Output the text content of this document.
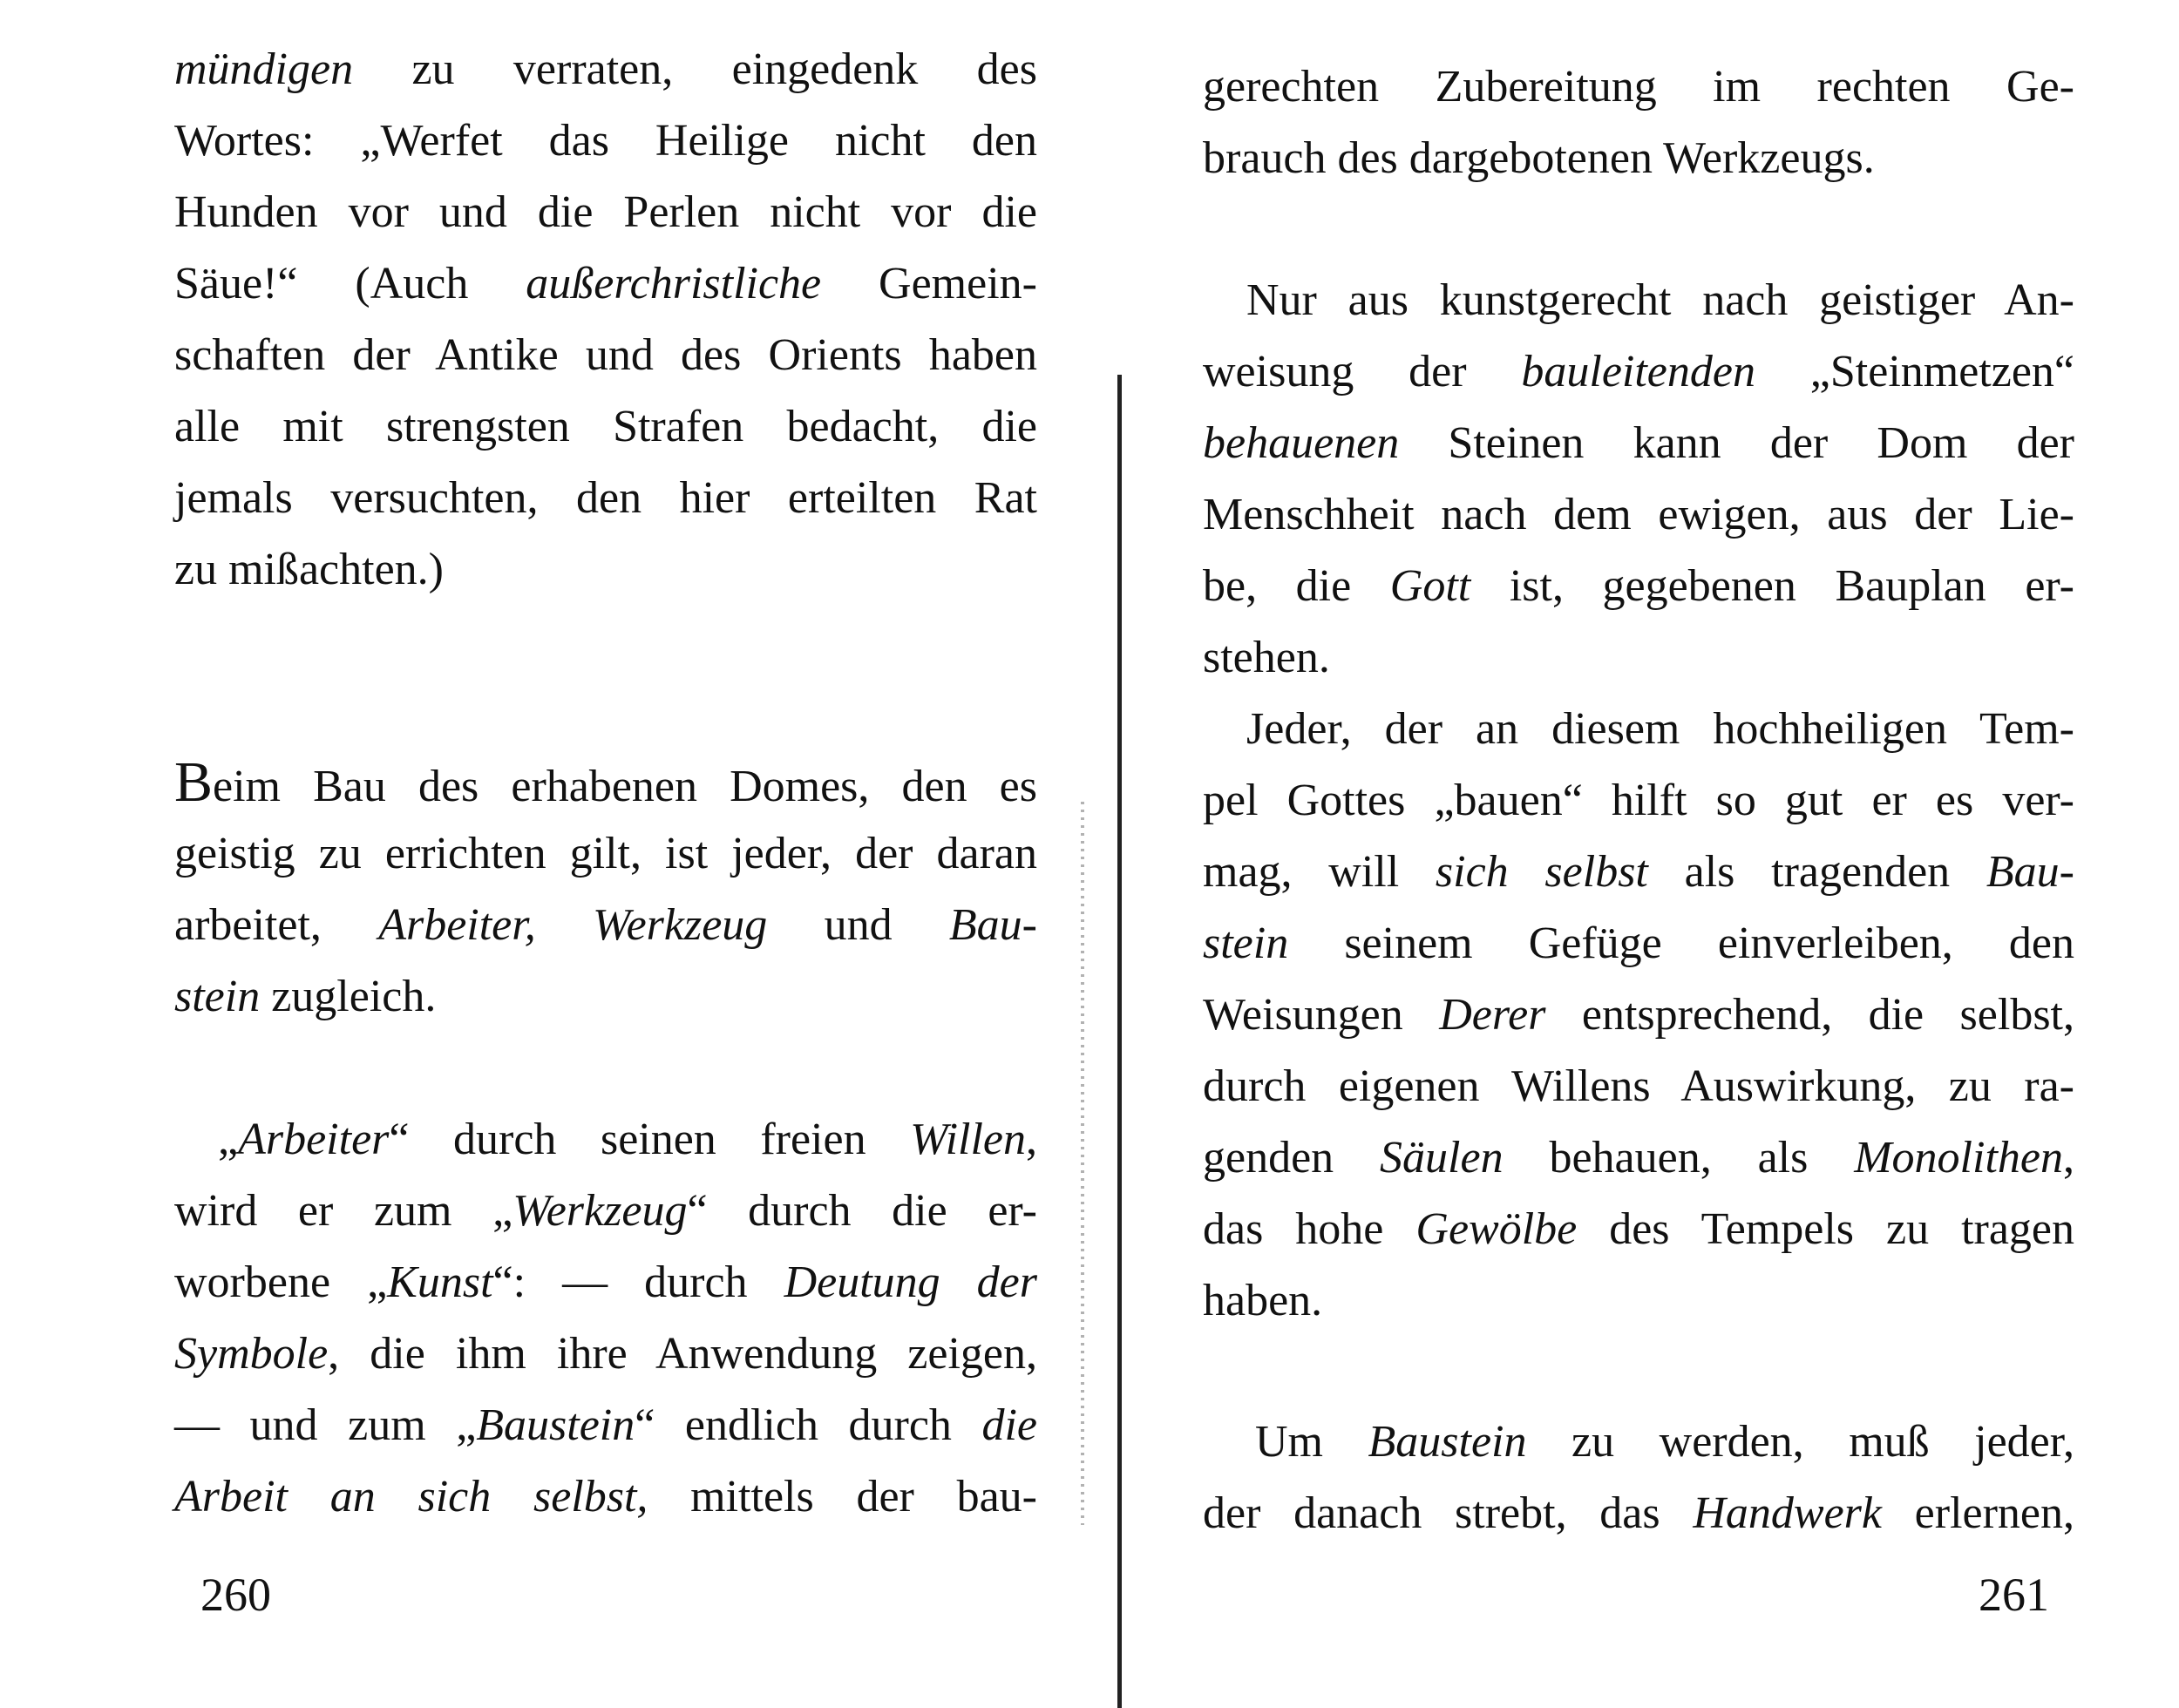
mündigen zu verraten, eingedenk des
Wortes: „Werfet das Heilige nicht den
Hunden vor und die Perlen nicht vor die
Säue!“ (Auch außerchristliche Gemein-
schaften der Antike und des Orients haben
alle mit strengsten Strafen bedacht, die
jemals versuchten, den hier erteilten Rat
zu mißachten.)
Beim Bau des erhabenen Domes, den es
geistig zu errichten gilt, ist jeder, der daran
arbeitet, Arbeiter, Werkzeug und Bau-
stein zugleich.
„Arbeiter“ durch seinen freien Willen,
wird er zum „Werkzeug“ durch die er-
worbene „Kunst“: — durch Deutung der
Symbole, die ihm ihre Anwendung zeigen,
— und zum „Baustein“ endlich durch die
Arbeit an sich selbst, mittels der bau-
260
gerechten Zubereitung im rechten Ge-
brauch des dargebotenen Werkzeugs.
Nur aus kunstgerecht nach geistiger An-
weisung der bauleitenden „Steinmetzen“
behauenen Steinen kann der Dom der
Menschheit nach dem ewigen, aus der Lie-
be, die Gott ist, gegebenen Bauplan er-
stehen.
Jeder, der an diesem hochheiligen Tem-
pel Gottes „bauen“ hilft so gut er es ver-
mag, will sich selbst als tragenden Bau-
stein seinem Gefüge einverleiben, den
Weisungen Derer entsprechend, die selbst,
durch eigenen Willens Auswirkung, zu ra-
genden Säulen behauen, als Monolithen,
das hohe Gewölbe des Tempels zu tragen
haben.
Um Baustein zu werden, muß jeder,
der danach strebt, das Handwerk erlernen,
261
